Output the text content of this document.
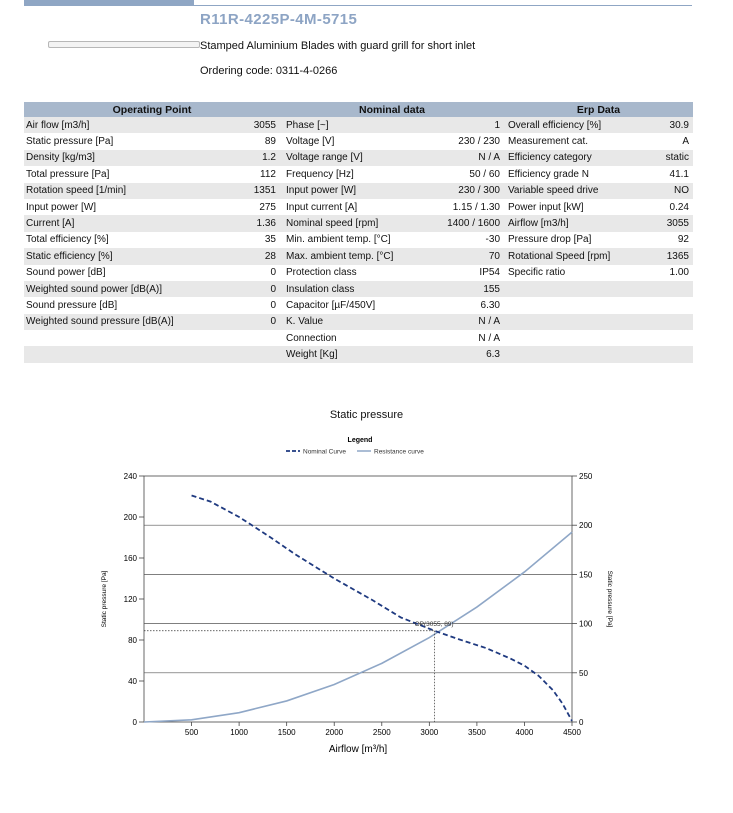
R11R-4225P-4M-5715
Stamped Aluminium Blades with guard grill for short inlet
Ordering code: 0311-4-0266
Operating Point		Nominal data		Erp Data	
Air flow [m3/h]	3055	Phase [~]	1	Overall efficiency [%]	30.9
Static pressure [Pa]	89	Voltage [V]	230 / 230	Measurement cat.	A
Density [kg/m3]	1.2	Voltage range [V]	N / A	Efficiency category	static
Total pressure [Pa]	112	Frequency [Hz]	50 / 60	Efficiency grade N	41.1
Rotation speed [1/min]	1351	Input power [W]	230 / 300	Variable speed drive	NO
Input power [W]	275	Input current [A]	1.15 / 1.30	Power input [kW]	0.24
Current [A]	1.36	Nominal speed [rpm]	1400 / 1600	Airflow [m3/h]	3055
Total efficiency [%]	35	Min. ambient temp. [°C]	-30	Pressure drop [Pa]	92
Static efficiency [%]	28	Max. ambient temp. [°C]	70	Rotational Speed [rpm]	1365
Sound power [dB]	0	Protection class	IP54	Specific ratio	1.00
Weighted sound power [dB(A)]	0	Insulation class	155		
Sound pressure [dB]	0	Capacitor [µF/450V]	6.30		
Weighted sound pressure [dB(A)]	0	K. Value	N / A		
		Connection	N / A		
		Weight [Kg]	6.3		
Static pressure
0
40
80
120
160
200
240
0
50
100
150
200
250
500	1000	1500	2000	2500	3000	3500	4000	4500
Airflow [m³/h]
Static pressure [Pa]	Static pressure [Pa]
Legend
Nominal Curve	Resistance curve
OP(3055, 89)
